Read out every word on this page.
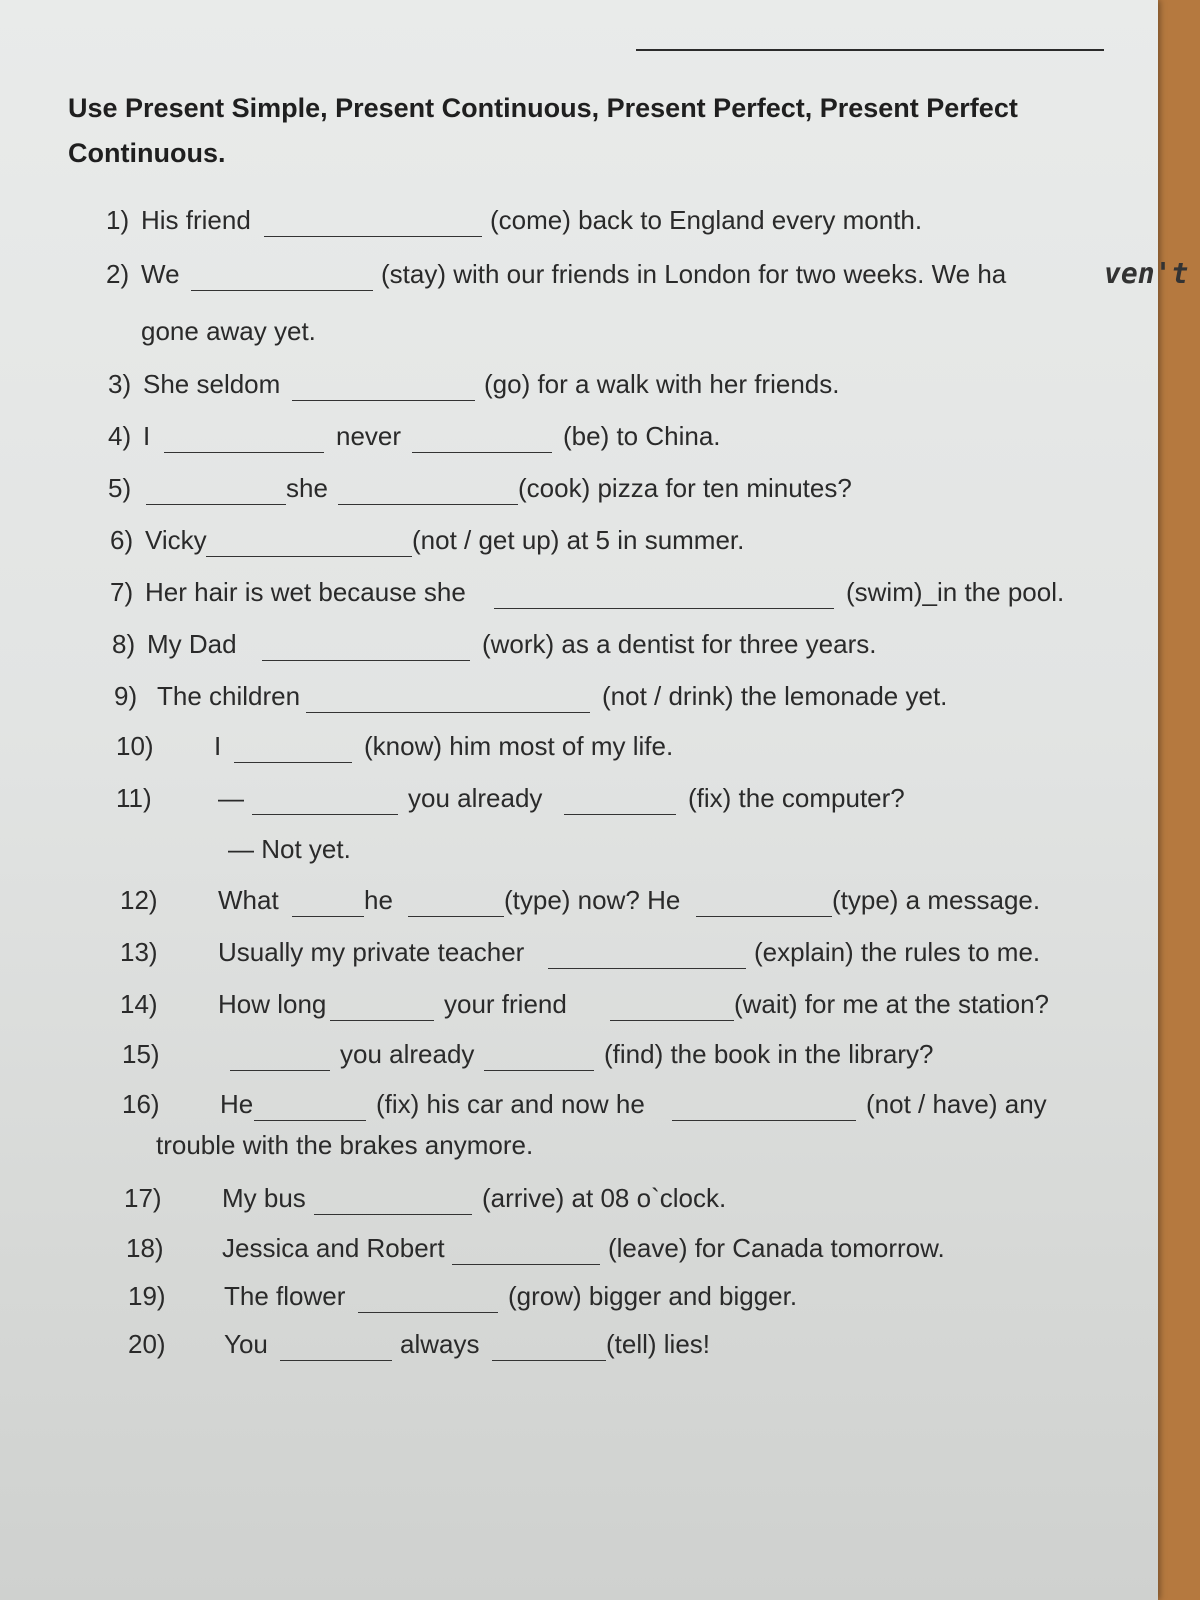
Use Present Simple, Present Continuous, Present Perfect, Present Perfect Continuous.
1) His friend	(come) back to England every month.
2) We	(stay) with our friends in London for two weeks. We ha	ven't
gone away yet.
3) She seldom	(go) for a walk with her friends.
4) I	never	(be) to China.
5)	she	(cook) pizza for ten minutes?
6) Vicky	(not / get up) at 5 in summer.
7) Her hair is wet because she	(swim)_in the pool.
8) My Dad	(work) as a dentist for three years.
9) The children	(not / drink) the lemonade yet.
10) I	(know) him most of my life.
11)	—	you already	(fix) the computer?
— Not yet.
12) What	he	(type) now? He	(type) a message.
13) Usually my private teacher	(explain) the rules to me.
14) How long	your friend	(wait) for me at the station?
15)	you already	(find) the book in the library?
16) He	(fix) his car and now he	(not / have) any
trouble with the brakes anymore.
17) My bus	(arrive) at 08 o`clock.
18) Jessica and Robert	(leave) for Canada tomorrow.
19) The flower	(grow) bigger and bigger.
20) You	always	(tell) lies!
